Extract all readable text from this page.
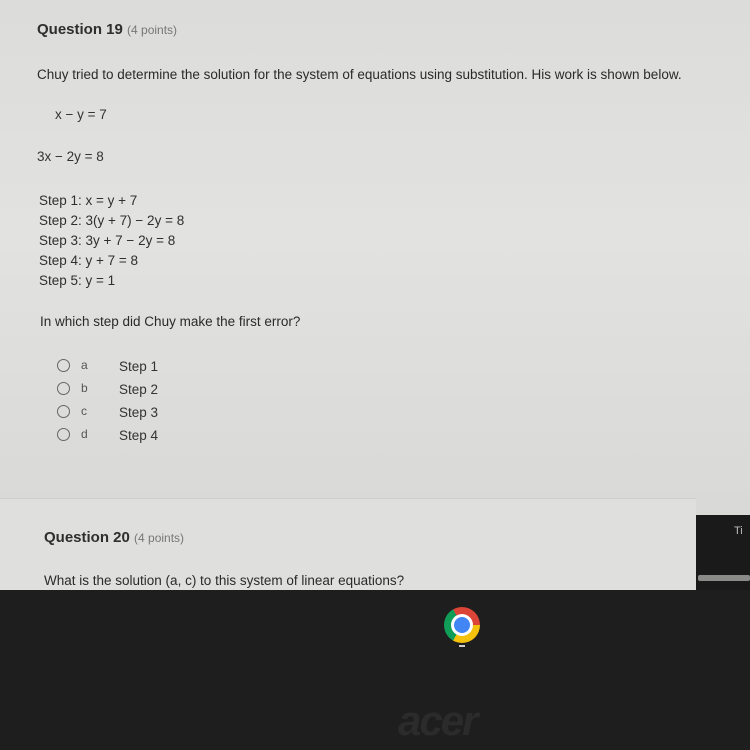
Question 19 (4 points)
Chuy tried to determine the solution for the system of equations using substitution. His work is shown below.
x − y = 7
3x − 2y = 8
Step 1: x = y + 7
Step 2: 3(y + 7) − 2y = 8
Step 3: 3y + 7 − 2y = 8
Step 4: y + 7 = 8
Step 5: y = 1
In which step did Chuy make the first error?
a Step 1
b Step 2
c Step 3
d Step 4
Question 20 (4 points)
What is the solution (a, c) to this system of linear equations?
Ti
acer
